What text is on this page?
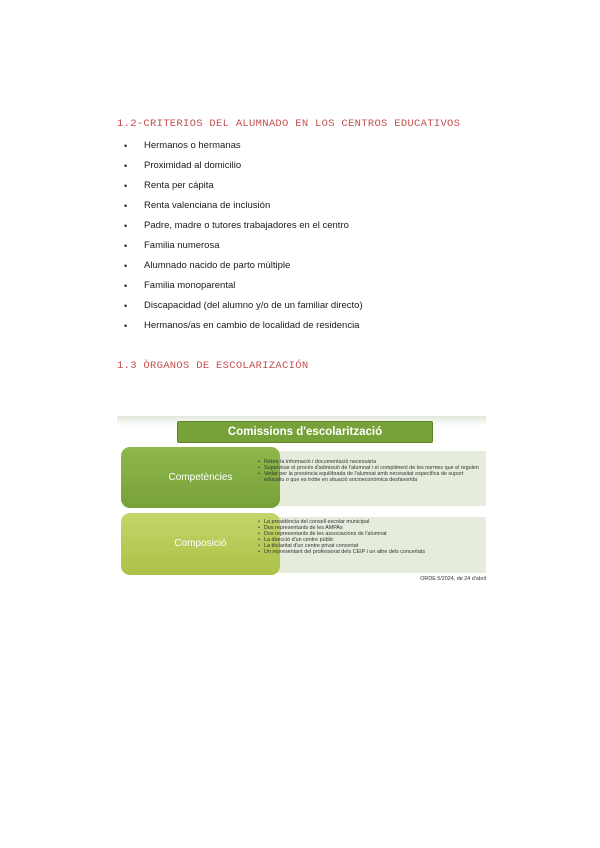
1.2-CRITERIOS DEL ALUMNADO EN LOS CENTROS EDUCATIVOS
• Hermanos o hermanas
• Proximidad al domicilio
• Renta per cápita
• Renta valenciana de inclusión
• Padre, madre o tutores trabajadores en el centro
• Familia numerosa
• Alumnado nacido de parto múltiple
• Familia monoparental
• Discapacidad (del alumno y/o de un familiar directo)
• Hermanos/as en cambio de localidad de residencia
1.3 ÒRGANOS DE ESCOLARIZACIÓN
Comissions d'escolarització
Competències
• Rebre la informació i documentació necessària
• Supervisar el procés d'admissió de l'alumnat i el compliment de les normes que el regulen
• Vetlar per la presència equilibrada de l'alumnat amb necessitat específica de suport educatiu o que es trobe en situació socioeconòmica desfavorida
Composició
• La presidència del consell escolar municipal
• Dos representants de les AMPAs
• Dos representants de les associacions de l'alumnat
• La direcció d'un centre públic
• La titularitat d'un centre privat concertat
• Un representant del professorat dels CEIP i un altre dels concertats
ORDE 5/2024, de 24 d'abril
